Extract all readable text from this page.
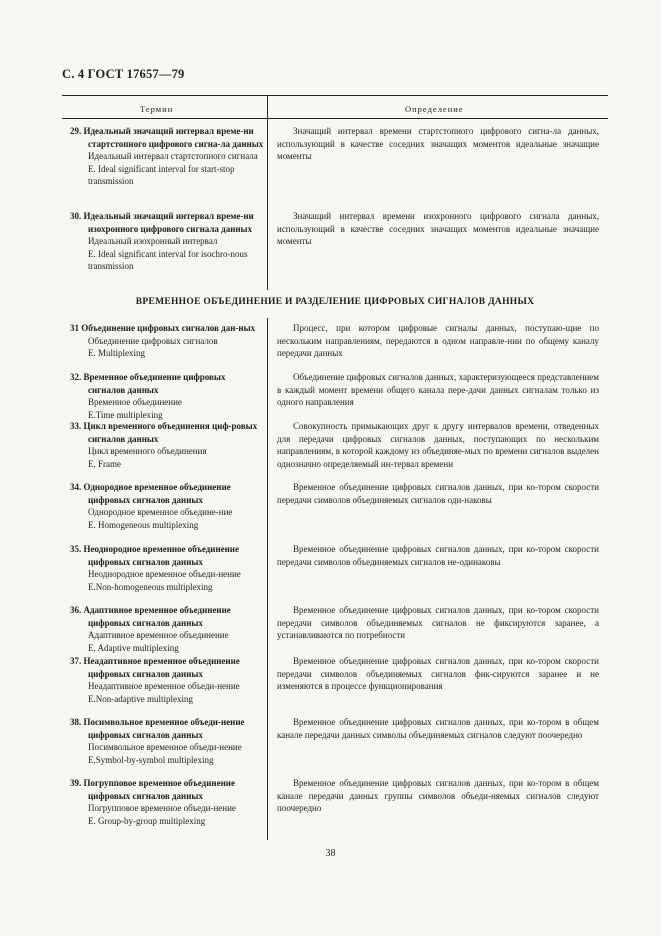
С. 4 ГОСТ 17657—79
Термин	Определение
ВРЕМЕННОЕ ОБЪЕДИНЕНИЕ И РАЗДЕЛЕНИЕ ЦИФРОВЫХ СИГНАЛОВ ДАННЫХ
29. Идеальный значащий интервал време-ни стартстопного цифрового сигна-ла данных
Идеальный интервал стартстопного сигнала
E. Ideal significant interval for start-stop transmission
Значащий интервал времени стартстопного цифрового сигна-ла данных, использующий в качестве соседних значащих моментов идеальные значащие моменты
30. Идеальный значащий интервал време-ни изохронного цифрового сигнала данных
Идеальный изохронный интервал
E. Ideal significant interval for isochro-nous transmission
Значащий интервал времени изохронного цифрового сигнала данных, использующий в качестве соседних значащих моментов идеальные значащие моменты
31 Объединение цифровых сигналов дан-ных
Объединение цифровых сигналов
E. Multiplexing
Процесс, при котором цифровые сигналы данных, поступаю-щие по нескольким направлениям, передаются в одном направле-нии по общему каналу передачи данных
32. Временное объединение цифровых сигналов данных
Временное объединение
E.Time multiplexing
Объединение цифровых сигналов данных, характеризующееся представлением в каждый момент времени общего канала пере-дачи данных сигналам только из одного направления
33. Цикл временного объединения циф-ровых сигналов данных
Цикл временного объединения
E. Frame
Совокупность примыкающих друг к другу интервалов времени, отведенных для передачи цифровых сигналов данных, поступающих по нескольким направлениям, в которой каждому из объединяе-мых по времени сигналов выделен однозначно определяемый ин-тервал времени
34. Однородное временное объединение цифровых сигналов данных
Однородное временное объедине-ние
E. Homogeneous multiplexing
Временное объединение цифровых сигналов данных, при ко-тором скорости передачи символов объединяемых сигналов оди-наковы
35. Неоднородное временное объединение цифровых сигналов данных
Неоднородное временное объеди-нение
E.Non-homogeneous multiplexing
Временное объединение цифровых сигналов данных, при ко-тором скорости передачи символов объединяемых сигналов не-одинаковы
36. Адаптивное временное объединение цифровых сигналов данных
Адаптивное временное объединение
E. Adaptive multiplexing
Временное объединение цифровых сигналов данных, при ко-тором скорости передачи символов объединяемых сигналов не фиксируются заранее, а устанавливаются по потребности
37. Неадаптивное временное объединение цифровых сигналов данных
Неадаптивное временное объеди-нение
E.Non-adaptive multiplexing
Временное объединение цифровых сигналов данных, при ко-тором скорости передачи символов объединяемых сигналов фик-сируются заранее и не изменяются в процессе функционирования
38. Посимвольное временное объеди-нение цифровых сигналов данных
Посимвольное временное объеди-нение
E.Symbol-by-symbol multiplexing
Временное объединение цифровых сигналов данных, при ко-тором в общем канале передачи данных символы объединяемых сигналов следуют поочередно
39. Погрупповое временное объединение цифровых сигналов данных
Погрупповое временное объеди-нение
E. Group-by-group multiplexing
Временное объединение цифровых сигналов данных, при ко-тором в общем канале передачи данных группы символов объеди-няемых сигналов следуют поочередно
38
